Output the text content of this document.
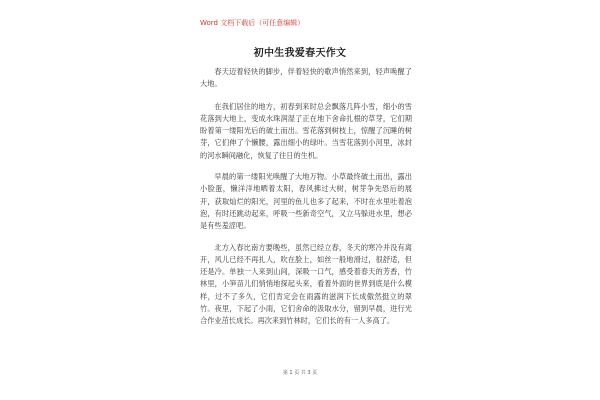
Word 文档下载后（可任意编辑）
初中生我爱春天作文

春天迈着轻快的脚步，伴着轻快的歌声悄然来到，轻声唤醒了大地。

在我们居住的地方，初春到来时总会飘落几阵小雪，细小的雪花落到大地上，变成水珠润湿了正在地下舍命扎根的草芽，它们期盼着第一缕阳光后的破土而出。雪花落到树枝上，惊醒了沉睡的树芽，它们伸了个懒腰，露出细小的绿叶。当雪花落到小河里，冰封的河水瞬间融化，恢复了往日的生机。

早晨的第一缕阳光唤醒了大地万物。小草最终破土而出，露出小脸蛋，懒洋洋地晒着太阳，春风拂过大树，树芽争先恐后的展开，获取灿烂的阳光，河里的鱼儿也多了起来，不时在水里吐着泡泡，有时还跳动起来，呼吸一些新奇空气，又立马躲进水里，想必是有些羞涩吧。

北方入春比南方要晚些，虽然已经立春，冬天的寒冷并没有离开，风儿已经不再扎人，吹在脸上，如丝一般地滑过，很舒适，但还是冷。单独一人来到山间，深吸一口气，感受着春天的芳香，竹林里，小笋苗儿们悄悄地探起头来，看着外面的世界到底是什么模样，过不了多久，它们肯定会在雨露的滋润下长成傲然挺立的翠竹。夜里，下起了小雨，它们舍命的汲取水分，留到早晨，进行光合作业茁长成长。再次来到竹林时，它们长的有一人多高了。

第 1 页 共 3 页
